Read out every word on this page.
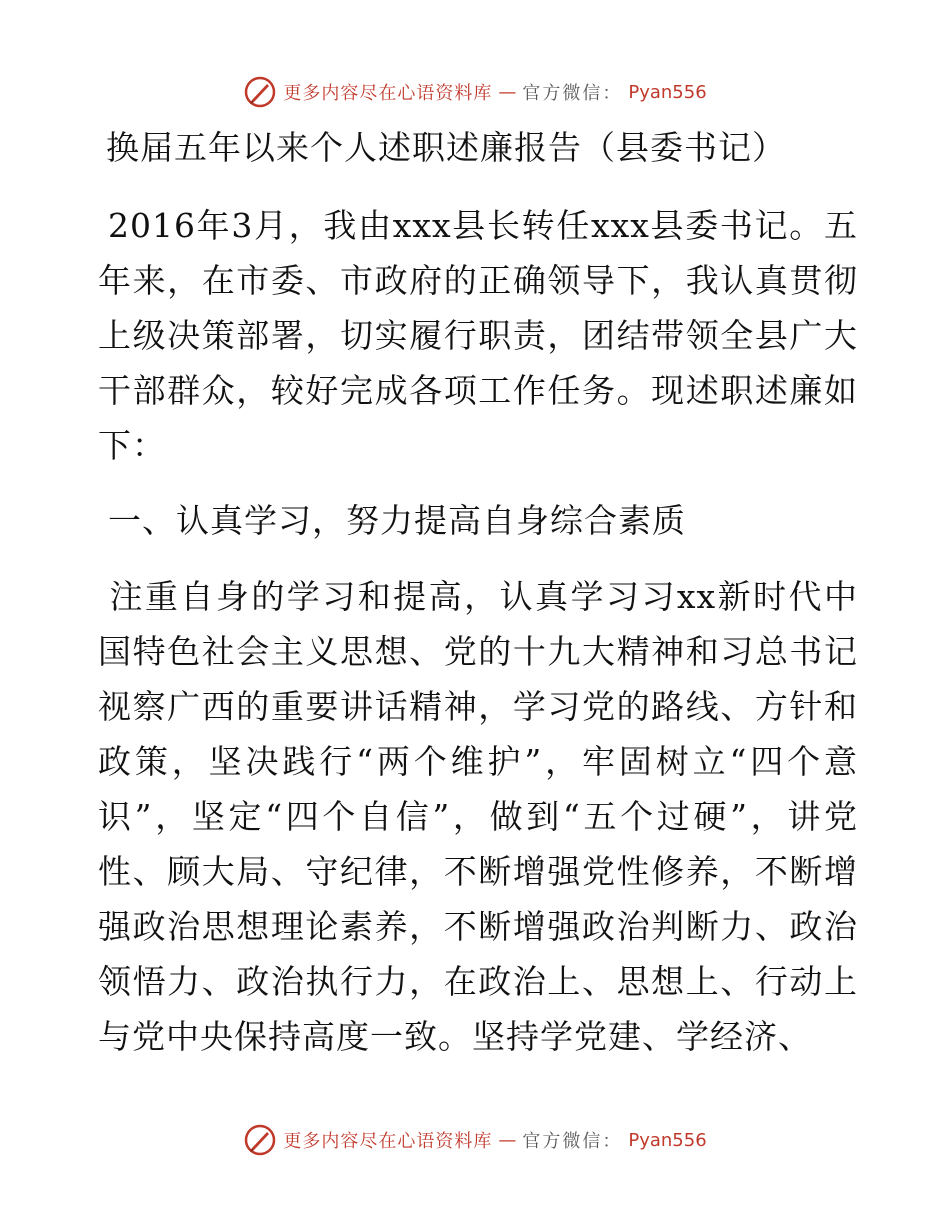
更多内容尽在心语资料库 — 官方微信： Pyan556
换届五年以来个人述职述廉报告（县委书记）
2016年3月，我由xxx县长转任xxx县委书记。五年来，在市委、市政府的正确领导下，我认真贯彻上级决策部署，切实履行职责，团结带领全县广大干部群众，较好完成各项工作任务。现述职述廉如下：
一、认真学习，努力提高自身综合素质
注重自身的学习和提高，认真学习习xx新时代中国特色社会主义思想、党的十九大精神和习总书记视察广西的重要讲话精神，学习党的路线、方针和政策，坚决践行“两个维护”，牢固树立“四个意识”，坚定“四个自信”，做到“五个过硬”，讲党性、顾大局、守纪律，不断增强党性修养，不断增强政治思想理论素养，不断增强政治判断力、政治领悟力、政治执行力，在政治上、思想上、行动上与党中央保持高度一致。坚持学党建、学经济、
更多内容尽在心语资料库 — 官方微信： Pyan556
